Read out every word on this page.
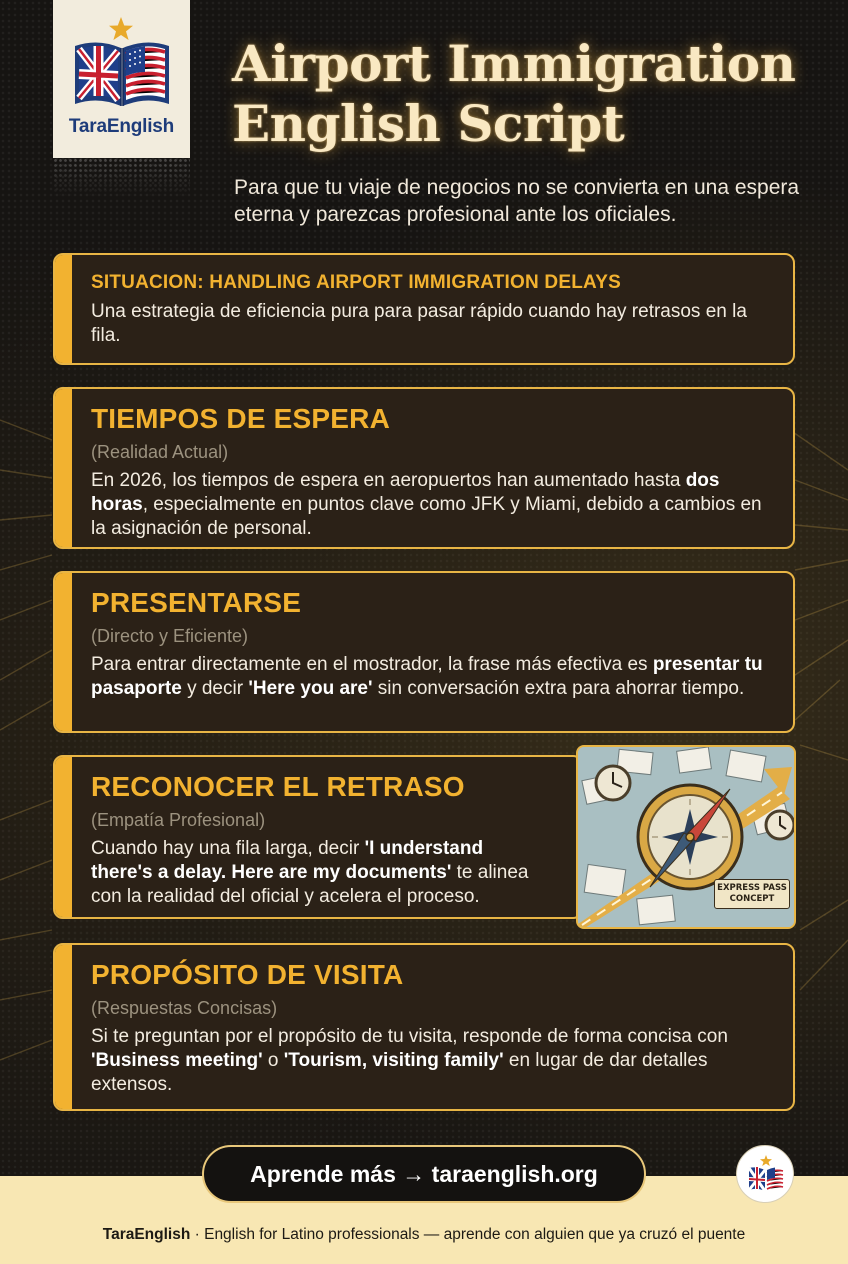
TaraEnglish
Airport Immigration
English Script
Para que tu viaje de negocios no se convierta en una espera eterna y parezcas profesional ante los oficiales.
SITUACION: HANDLING AIRPORT IMMIGRATION DELAYS
Una estrategia de eficiencia pura para pasar rápido cuando hay retrasos en la fila.
TIEMPOS DE ESPERA
(Realidad Actual)
En 2026, los tiempos de espera en aeropuertos han aumentado hasta dos horas, especialmente en puntos clave como JFK y Miami, debido a cambios en la asignación de personal.
PRESENTARSE
(Directo y Eficiente)
Para entrar directamente en el mostrador, la frase más efectiva es presentar tu pasaporte y decir 'Here you are' sin conversación extra para ahorrar tiempo.
RECONOCER EL RETRASO
(Empatía Profesional)
Cuando hay una fila larga, decir 'I understand there's a delay. Here are my documents' te alinea con la realidad del oficial y acelera el proceso.	EXPRESS PASS CONCEPT
PROPÓSITO DE VISITA
(Respuestas Concisas)
Si te preguntan por el propósito de tu visita, responde de forma concisa con 'Business meeting' o 'Tourism, visiting family' en lugar de dar detalles extensos.
Aprende más → taraenglish.org
TaraEnglish · English for Latino professionals — aprende con alguien que ya cruzó el puente
